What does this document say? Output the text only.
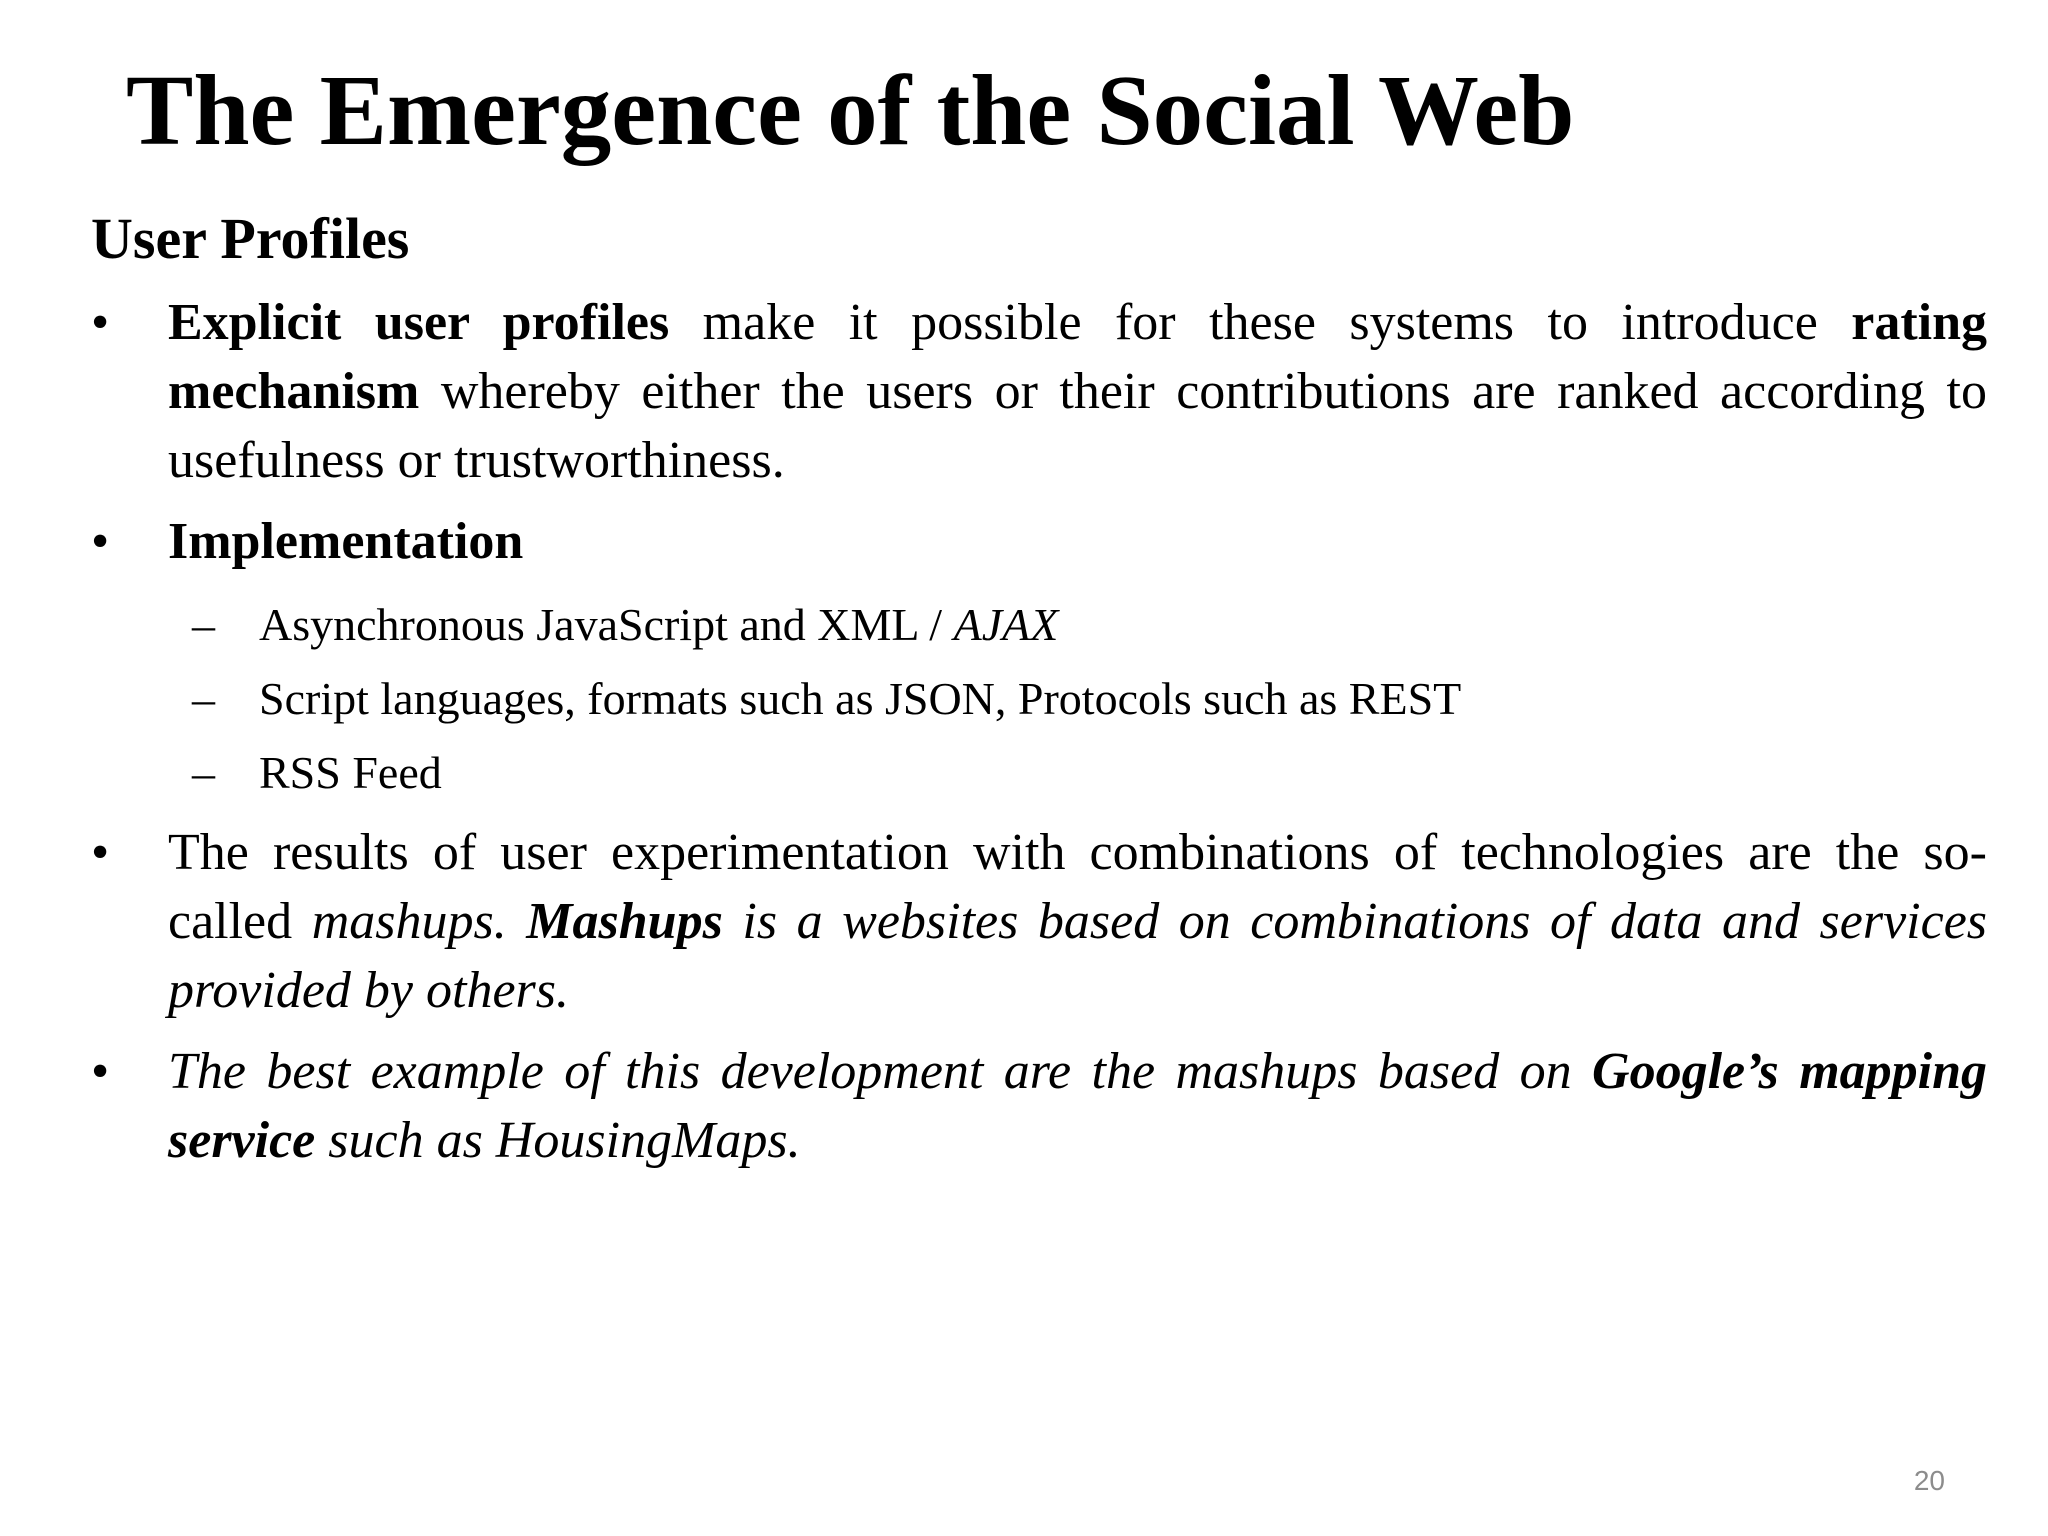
The Emergence of the Social Web
User Profiles
•	Explicit user profiles make it possible for these systems to introduce rating mechanism whereby either the users or their contributions are ranked according to usefulness or trustworthiness.
•	Implementation
– Asynchronous JavaScript and XML / AJAX
– Script languages, formats such as JSON, Protocols such as REST
– RSS Feed
•	The results of user experimentation with combinations of technologies are the so-called mashups. Mashups is a websites based on combinations of data and services provided by others.
•	The best example of this development are the mashups based on Google’s mapping service such as HousingMaps.
20
